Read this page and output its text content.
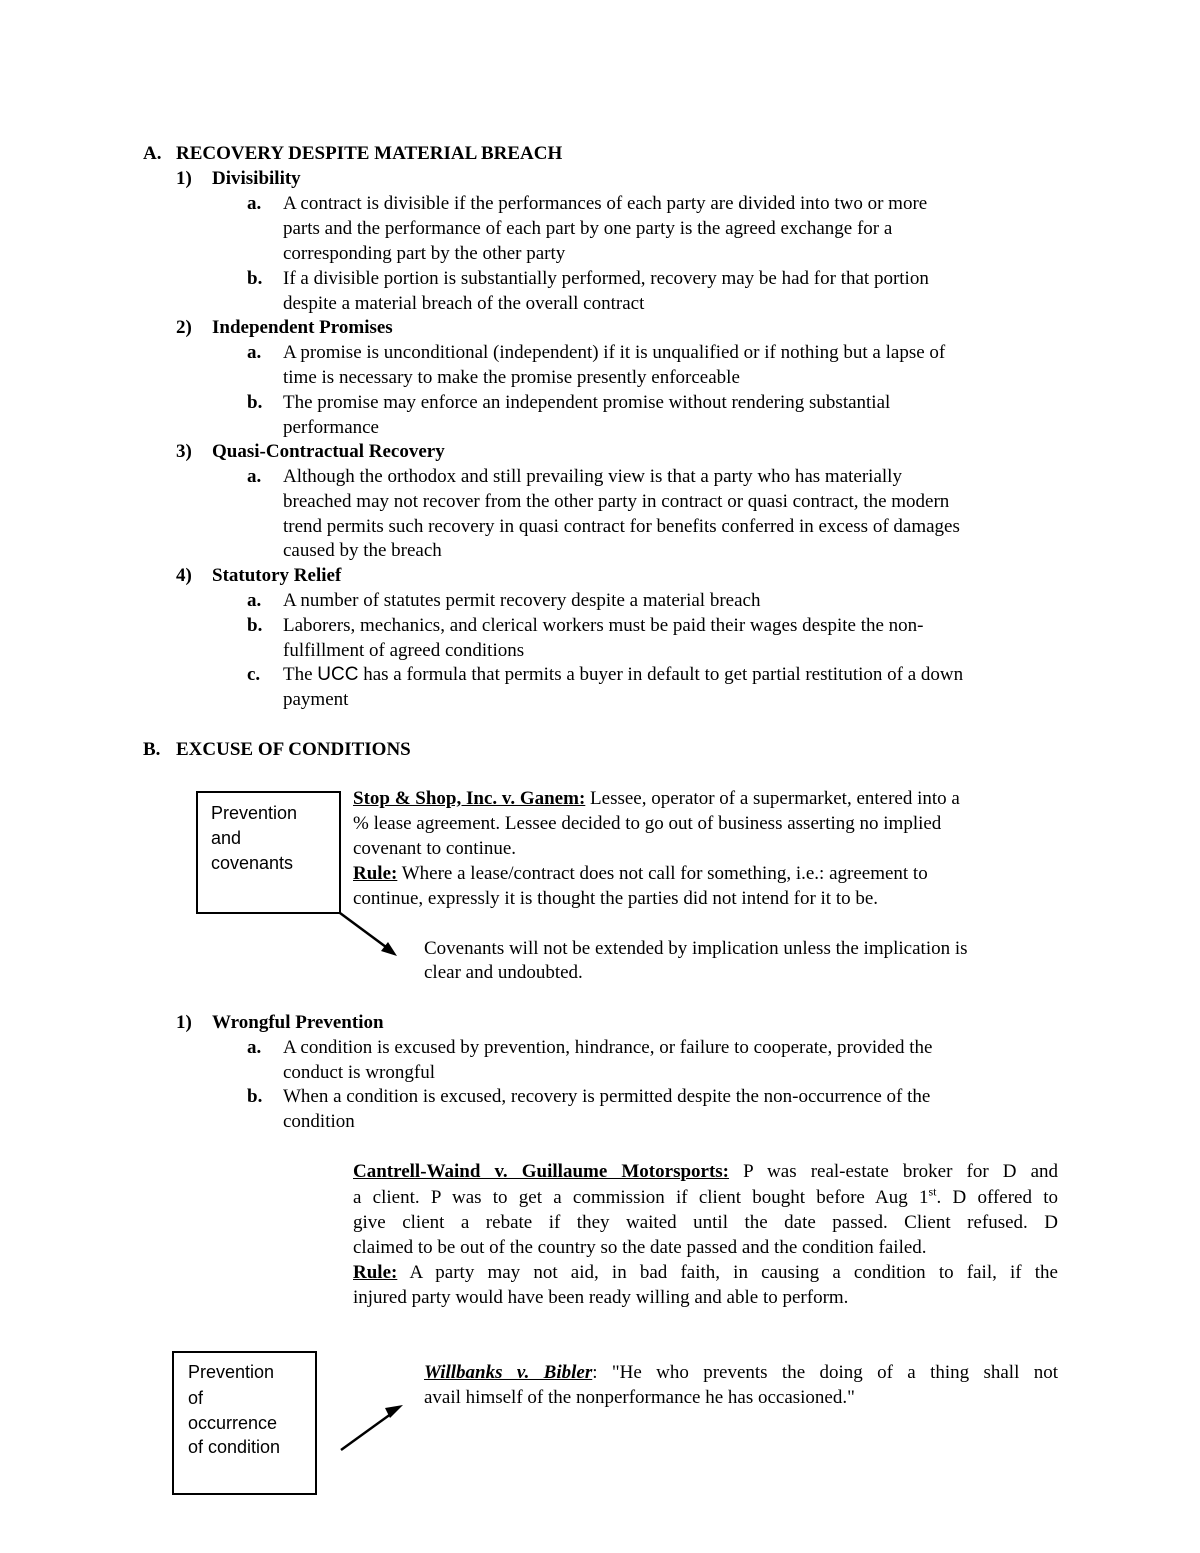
A. RECOVERY DESPITE MATERIAL BREACH
1) Divisibility
a. A contract is divisible if the performances of each party are divided into two or more
parts and the performance of each part by one party is the agreed exchange for a
corresponding part by the other party
b. If a divisible portion is substantially performed, recovery may be had for that portion
despite a material breach of the overall contract
2) Independent Promises
a. A promise is unconditional (independent) if it is unqualified or if nothing but a lapse of
time is necessary to make the promise presently enforceable
b. The promise may enforce an independent promise without rendering substantial
performance
3) Quasi-Contractual Recovery
a. Although the orthodox and still prevailing view is that a party who has materially
breached may not recover from the other party in contract or quasi contract, the modern
trend permits such recovery in quasi contract for benefits conferred in excess of damages
caused by the breach
4) Statutory Relief
a. A number of statutes permit recovery despite a material breach
b. Laborers, mechanics, and clerical workers must be paid their wages despite the non-
fulfillment of agreed conditions
c. The UCC has a formula that permits a buyer in default to get partial restitution of a down
payment
B. EXCUSE OF CONDITIONS
Prevention
and
covenants
Stop & Shop, Inc. v. Ganem: Lessee, operator of a supermarket, entered into a
% lease agreement. Lessee decided to go out of business asserting no implied
covenant to continue.
Rule: Where a lease/contract does not call for something, i.e.: agreement to
continue, expressly it is thought the parties did not intend for it to be.
Covenants will not be extended by implication unless the implication is
clear and undoubted.
1) Wrongful Prevention
a. A condition is excused by prevention, hindrance, or failure to cooperate, provided the
conduct is wrongful
b. When a condition is excused, recovery is permitted despite the non-occurrence of the
condition
Cantrell-Waind v. Guillaume Motorsports: P was real-estate broker for D and
a client. P was to get a commission if client bought before Aug 1st. D offered to
give client a rebate if they waited until the date passed. Client refused. D
claimed to be out of the country so the date passed and the condition failed.
Rule: A party may not aid, in bad faith, in causing a condition to fail, if the
injured party would have been ready willing and able to perform.
Prevention
of
occurrence
of condition
Willbanks v. Bibler: "He who prevents the doing of a thing shall not
avail himself of the nonperformance he has occasioned."
